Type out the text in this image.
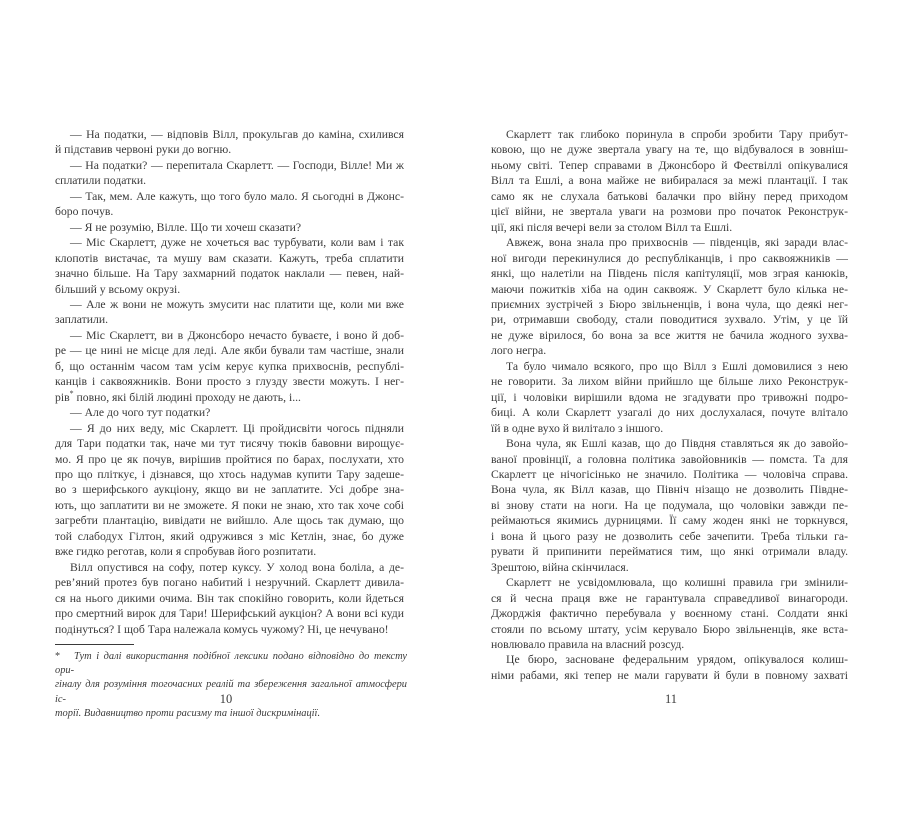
— На податки, — відповів Вілл, прокульгав до каміна, схилився
й підставив червоні руки до вогню.
— На податки? — перепитала Скарлетт. — Господи, Вілле! Ми ж
сплатили податки.
— Так, мем. Але кажуть, що того було мало. Я сьогодні в Джонс-
боро почув.
— Я не розумію, Вілле. Що ти хочеш сказати?
— Міс Скарлетт, дуже не хочеться вас турбувати, коли вам і так
клопотів вистачає, та мушу вам сказати. Кажуть, треба сплатити
значно більше. На Тару захмарний податок наклали — певен, най-
більший у всьому окрузі.
— Але ж вони не можуть змусити нас платити ще, коли ми вже
заплатили.
— Міс Скарлетт, ви в Джонсборо нечасто буваєте, і воно й доб-
ре — це нині не місце для леді. Але якби бували там частіше, знали
б, що останнім часом там усім керує купка прихвоснів, республі-
канців і саквояжників. Вони просто з глузду звести можуть. І нег-
рів* повно, які білій людині проходу не дають, і...
— Але до чого тут податки?
— Я до них веду, міс Скарлетт. Ці пройдисвіти чогось підняли
для Тари податки так, наче ми тут тисячу тюків бавовни вирощує-
мо. Я про це як почув, вирішив пройтися по барах, послухати, хто
про що пліткує, і дізнався, що хтось надумав купити Тару задеше-
во з шерифського аукціону, якщо ви не заплатите. Усі добре зна-
ють, що заплатити ви не зможете. Я поки не знаю, хто так хоче собі
загребти плантацію, вивідати не вийшло. Але щось так думаю, що
той слабодух Гілтон, який одружився з міс Кетлін, знає, бо дуже
вже гидко реготав, коли я спробував його розпитати.
Вілл опустився на софу, потер куксу. У холод вона боліла, а де-
рев’яний протез був погано набитий і незручний. Скарлетт дивила-
ся на нього дикими очима. Він так спокійно говорить, коли йдеться
про смертний вирок для Тари! Шерифський аукціон? А вони всі куди
подінуться? І щоб Тара належала комусь чужому? Ні, це нечувано!
Скарлетт так глибоко поринула в спроби зробити Тару прибут-
ковою, що не дуже звертала увагу на те, що відбувалося в зовніш-
ньому світі. Тепер справами в Джонсборо й Феєтвіллі опікувалися
Вілл та Ешлі, а вона майже не вибиралася за межі плантації. І так
само як не слухала батькові балачки про війну перед приходом
цієї війни, не звертала уваги на розмови про початок Реконструк-
ції, які після вечері вели за столом Вілл та Ешлі.
Авжеж, вона знала про прихвоснів — південців, які заради влас-
ної вигоди перекинулися до республіканців, і про саквояжників —
янкі, що налетіли на Південь після капітуляції, мов зграя канюків,
маючи пожитків хіба на один саквояж. У Скарлетт було кілька не-
приємних зустрічей з Бюро звільненців, і вона чула, що деякі нег-
ри, отримавши свободу, стали поводитися зухвало. Утім, у це їй
не дуже вірилося, бо вона за все життя не бачила жодного зухва-
лого негра.
Та було чимало всякого, про що Вілл з Ешлі домовилися з нею
не говорити. За лихом війни прийшло ще більше лихо Реконструк-
ції, і чоловіки вирішили вдома не згадувати про тривожні подро-
биці. А коли Скарлетт узагалі до них дослухалася, почуте влітало
їй в одне вухо й вилітало з іншого.
Вона чула, як Ешлі казав, що до Півдня ставляться як до завойо-
ваної провінції, а головна політика завойовників — помста. Та для
Скарлетт це нічогісінько не значило. Політика — чоловіча справа.
Вона чула, як Вілл казав, що Північ нізащо не дозволить Півдне-
ві знову стати на ноги. На це подумала, що чоловіки завжди пе-
реймаються якимись дурницями. Її саму жоден янкі не торкнувся,
і вона й цього разу не дозволить себе зачепити. Треба тільки га-
рувати й припинити перейматися тим, що янкі отримали владу.
Зрештою, війна скінчилася.
Скарлетт не усвідомлювала, що колишні правила гри змінили-
ся й чесна праця вже не гарантувала справедливої винагороди.
Джорджія фактично перебувала у воєнному стані. Солдати янкі
стояли по всьому штату, усім керувало Бюро звільненців, яке вста-
новлювало правила на власний розсуд.
Це бюро, засноване федеральним урядом, опікувалося колиш-
німи рабами, які тепер не мали гарувати й були в повному захваті
*	Тут і далі використання подібної лексики подано відповідно до тексту ори-
гіналу для розуміння тогочасних реалій та збереження загальної атмосфери іс-
торії. Видавництво проти расизму та іншої дискримінації.
10	11
